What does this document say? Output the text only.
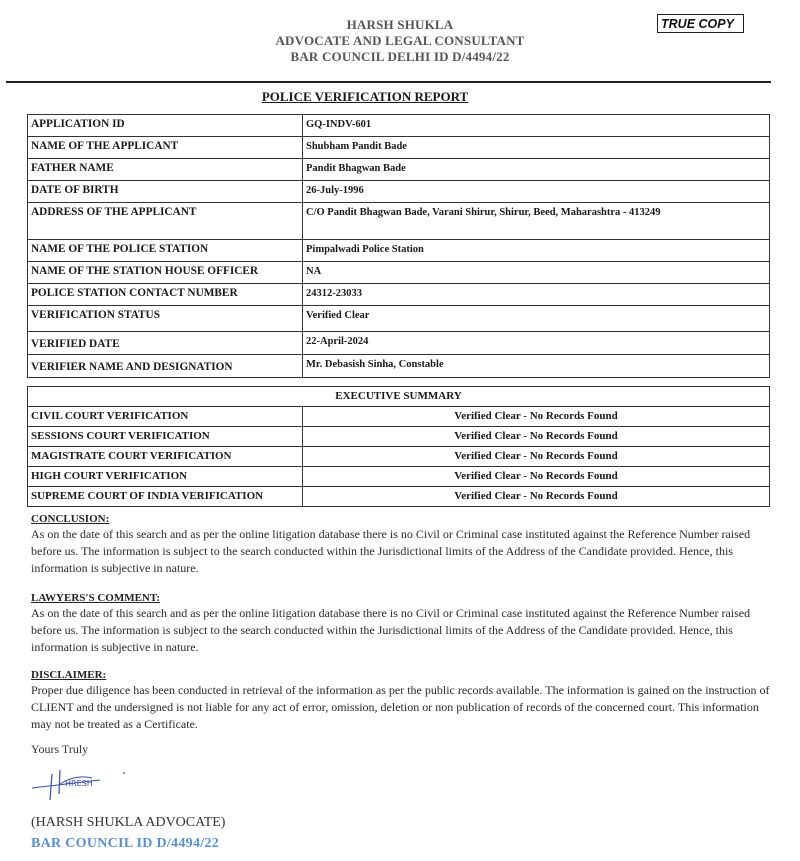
HARSH SHUKLA
ADVOCATE AND LEGAL CONSULTANT
BAR COUNCIL DELHI ID D/4494/22
TRUE COPY
POLICE VERIFICATION REPORT
APPLICATION ID	GQ-INDV-601
NAME OF THE APPLICANT	Shubham Pandit Bade
FATHER NAME	Pandit Bhagwan Bade
DATE OF BIRTH	26-July-1996
ADDRESS OF THE APPLICANT	C/O Pandit Bhagwan Bade, Varani Shirur, Shirur, Beed, Maharashtra - 413249
NAME OF THE POLICE STATION	Pimpalwadi Police Station
NAME OF THE STATION HOUSE OFFICER	NA
POLICE STATION CONTACT NUMBER	24312-23033
VERIFICATION STATUS	Verified Clear
VERIFIED DATE	22-April-2024
VERIFIER NAME AND DESIGNATION	Mr. Debasish Sinha, Constable
EXECUTIVE SUMMARY	
CIVIL COURT VERIFICATION	Verified Clear - No Records Found
SESSIONS COURT VERIFICATION	Verified Clear - No Records Found
MAGISTRATE COURT VERIFICATION	Verified Clear - No Records Found
HIGH COURT VERIFICATION	Verified Clear - No Records Found
SUPREME COURT OF INDIA VERIFICATION	Verified Clear - No Records Found
CONCLUSION:

As on the date of this search and as per the online litigation database there is no Civil or Criminal case instituted against the Reference Number raised before us. The information is subject to the search conducted within the Jurisdictional limits of the Address of the Candidate provided. Hence, this information is subjective in nature.

LAWYERS'S COMMENT:

As on the date of this search and as per the online litigation database there is no Civil or Criminal case instituted against the Reference Number raised before us. The information is subject to the search conducted within the Jurisdictional limits of the Address of the Candidate provided. Hence, this information is subjective in nature.

DISCLAIMER:

Proper due diligence has been conducted in retrieval of the information as per the public records available. The information is gained on the instruction of CLIENT and the undersigned is not liable for any act of error, omission, deletion or non publication of records of the concerned court. This information may not be treated as a Certificate.

Yours Truly
HRESH
(HARSH SHUKLA ADVOCATE)
BAR COUNCIL ID D/4494/22
